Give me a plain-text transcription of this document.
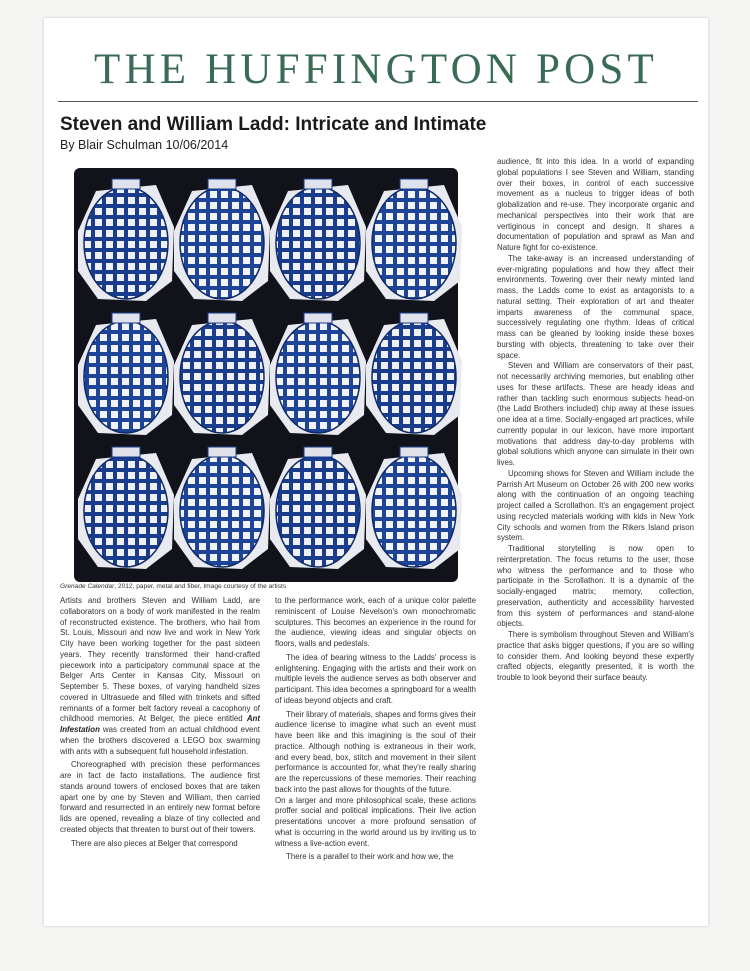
THE HUFFINGTON POST
Steven and William Ladd: Intricate and Intimate
By Blair Schulman 10/06/2014
Grenade Calendar, 2012, paper, metal and fiber, Image courtesy of the artists

Artists and brothers Steven and William Ladd, are collaborators on a body of work manifested in the realm of reconstructed existence. The brothers, who hail from St. Louis, Missouri and now live and work in New York City have been working together for the past sixteen years. They recently transformed their hand-crafted piecework into a participatory communal space at the Belger Arts Center in Kansas City, Missouri on September 5. These boxes, of varying handheld sizes covered in Ultrasuede and filled with trinkets and sifted remnants of a former belt factory reveal a cacophony of childhood memories. At Belger, the piece entitled Ant Infestation was created from an actual childhood event when the brothers discovered a LEGO box swarming with ants with a subsequent full household infestation.

Choreographed with precision these performances are in fact de facto installations. The audience first stands around towers of enclosed boxes that are taken apart one by one by Steven and William, then carried forward and resurrected in an entirely new format before lids are opened, revealing a blaze of tiny collected and created objects that threaten to burst out of their towers.

There are also pieces at Belger that correspond

to the performance work, each of a unique color palette reminiscent of Louise Nevelson's own monochromatic sculptures. This becomes an experience in the round for the audience, viewing ideas and singular objects on floors, walls and pedestals.

The idea of bearing witness to the Ladds' process is enlightening. Engaging with the artists and their work on multiple levels the audience serves as both observer and participant. This idea becomes a springboard for a wealth of ideas beyond objects and craft.

Their library of materials, shapes and forms gives their audience license to imagine what such an event must have been like and this imagining is the soul of their practice. Although nothing is extraneous in their work, and every bead, box, stitch and movement in their silent performance is accounted for, what they're really sharing are the repercussions of these memories. Their reaching back into the past allows for thoughts of the future.

On a larger and more philosophical scale, these actions proffer social and political implications. Their live action presentations uncover a more profound sensation of what is occurring in the world around us by inviting us to witness a live-action event.

There is a parallel to their work and how we, the

audience, fit into this idea. In a world of expanding global populations I see Steven and William, standing over their boxes, in control of each successive movement as a nucleus to trigger ideas of both globalization and re-use. They incorporate organic and mechanical perspectives into their work that are vertiginous in concept and design. It shares a documentation of population and sprawl as Man and Nature fight for co-existence.

The take-away is an increased understanding of ever-migrating populations and how they affect their environments. Towering over their newly minted land mass, the Ladds come to exist as antagonists to a natural setting. Their exploration of art and theater imparts awareness of the communal space, successively regulating one rhythm. Ideas of critical mass can be gleaned by looking inside these boxes bursting with objects, threatening to take over their space.

Steven and William are conservators of their past, not necessarily archiving memories, but enabling other uses for these artifacts. These are heady ideas and rather than tackling such enormous subjects head-on (the Ladd Brothers included) chip away at these issues one idea at a time. Socially-engaged art practices, while currently popular in our lexicon, have more important motivations that address day-to-day problems with global solutions which anyone can simulate in their own lives.

Upcoming shows for Steven and William include the Parrish Art Museum on October 26 with 200 new works along with the continuation of an ongoing teaching project called a Scrollathon. It's an engagement project using recycled materials working with kids in New York City schools and women from the Rikers Island prison system.

Traditional storytelling is now open to reinterpretation. The focus returns to the user, those who witness the performance and to those who participate in the Scrollathon. It is a dynamic of the socially-engaged matrix; memory, collection, preservation, authenticity and accessibility harvested from this system of performances and stand-alone objects.

There is symbolism throughout Steven and William's practice that asks bigger questions, if you are so willing to consider them. And looking beyond these expertly crafted objects, elegantly presented, it is worth the trouble to look beyond their surface beauty.
